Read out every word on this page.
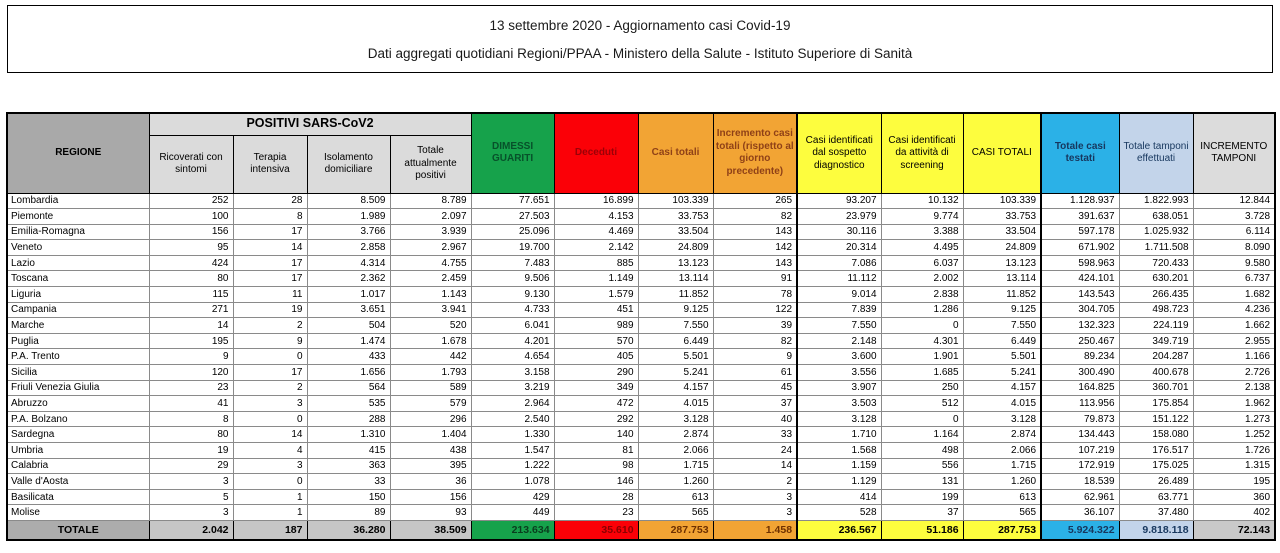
13 settembre 2020 - Aggiornamento casi Covid-19
Dati aggregati quotidiani Regioni/PPAA - Ministero della Salute - Istituto Superiore di Sanità
REGIONE	POSITIVI SARS-CoV2				DIMESSI GUARITI	Deceduti	Casi totali	Incremento casi totali (rispetto al giorno precedente)	Casi identificati dal sospetto diagnostico	Casi identificati da attività di screening	CASI TOTALI	Totale casi testati	Totale tamponi effettuati	INCREMENTO TAMPONI
	Ricoverati con sintomi	Terapia intensiva	Isolamento domiciliare	Totale attualmente positivi										
Lombardia	252	28	8.509	8.789	77.651	16.899	103.339	265	93.207	10.132	103.339	1.128.937	1.822.993	12.844
Piemonte	100	8	1.989	2.097	27.503	4.153	33.753	82	23.979	9.774	33.753	391.637	638.051	3.728
Emilia-Romagna	156	17	3.766	3.939	25.096	4.469	33.504	143	30.116	3.388	33.504	597.178	1.025.932	6.114
Veneto	95	14	2.858	2.967	19.700	2.142	24.809	142	20.314	4.495	24.809	671.902	1.711.508	8.090
Lazio	424	17	4.314	4.755	7.483	885	13.123	143	7.086	6.037	13.123	598.963	720.433	9.580
Toscana	80	17	2.362	2.459	9.506	1.149	13.114	91	11.112	2.002	13.114	424.101	630.201	6.737
Liguria	115	11	1.017	1.143	9.130	1.579	11.852	78	9.014	2.838	11.852	143.543	266.435	1.682
Campania	271	19	3.651	3.941	4.733	451	9.125	122	7.839	1.286	9.125	304.705	498.723	4.236
Marche	14	2	504	520	6.041	989	7.550	39	7.550	0	7.550	132.323	224.119	1.662
Puglia	195	9	1.474	1.678	4.201	570	6.449	82	2.148	4.301	6.449	250.467	349.719	2.955
P.A. Trento	9	0	433	442	4.654	405	5.501	9	3.600	1.901	5.501	89.234	204.287	1.166
Sicilia	120	17	1.656	1.793	3.158	290	5.241	61	3.556	1.685	5.241	300.490	400.678	2.726
Friuli Venezia Giulia	23	2	564	589	3.219	349	4.157	45	3.907	250	4.157	164.825	360.701	2.138
Abruzzo	41	3	535	579	2.964	472	4.015	37	3.503	512	4.015	113.956	175.854	1.962
P.A. Bolzano	8	0	288	296	2.540	292	3.128	40	3.128	0	3.128	79.873	151.122	1.273
Sardegna	80	14	1.310	1.404	1.330	140	2.874	33	1.710	1.164	2.874	134.443	158.080	1.252
Umbria	19	4	415	438	1.547	81	2.066	24	1.568	498	2.066	107.219	176.517	1.726
Calabria	29	3	363	395	1.222	98	1.715	14	1.159	556	1.715	172.919	175.025	1.315
Valle d'Aosta	3	0	33	36	1.078	146	1.260	2	1.129	131	1.260	18.539	26.489	195
Basilicata	5	1	150	156	429	28	613	3	414	199	613	62.961	63.771	360
Molise	3	1	89	93	449	23	565	3	528	37	565	36.107	37.480	402
TOTALE	2.042	187	36.280	38.509	213.634	35.610	287.753	1.458	236.567	51.186	287.753	5.924.322	9.818.118	72.143
